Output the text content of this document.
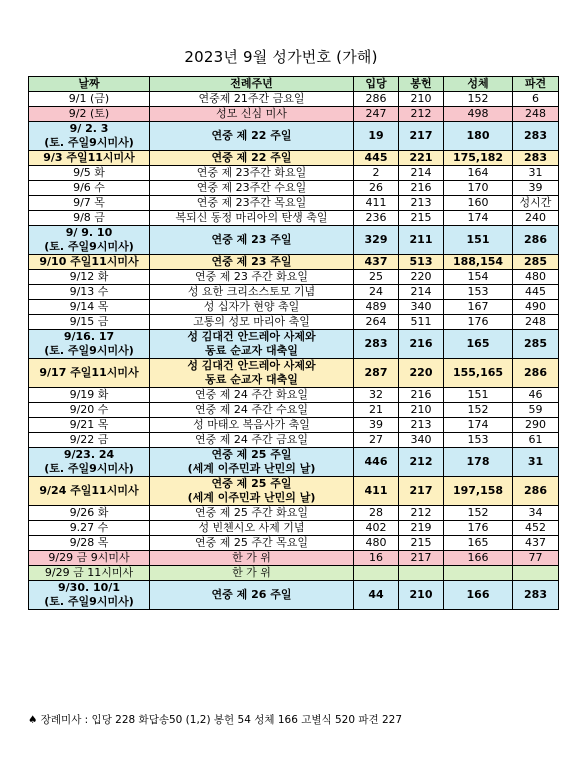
2023년 9월 성가번호 (가해)
날짜	전례주년	입당	봉헌	성체	파견
9/1 (금)	연중제 21주간 금요일	286	210	152	6
9/2 (토)	성모 신심 미사	247	212	498	248
9/ 2. 3
(토. 주일9시미사)	연중 제 22 주일	19	217	180	283
9/3 주일11시미사	연중 제 22 주일	445	221	175,182	283
9/5 화	연중 제 23주간 화요일	2	214	164	31
9/6 수	연중 제 23주간 수요일	26	216	170	39
9/7 목	연중 제 23주간 목요일	411	213	160	성시간
9/8 금	복되신 동정 마리아의 탄생 축일	236	215	174	240
9/ 9. 10
(토. 주일9시미사)	연중 제 23 주일	329	211	151	286
9/10 주일11시미사	연중 제 23 주일	437	513	188,154	285
9/12 화	연중 제 23 주간 화요일	25	220	154	480
9/13 수	성 요한 크리소스토모 기념	24	214	153	445
9/14 목	성 십자가 현양 축일	489	340	167	490
9/15 금	고통의 성모 마리아 축일	264	511	176	248
9/16. 17
(토. 주일9시미사)	성 김대건 안드레아 사제와
동료 순교자 대축일	283	216	165	285
9/17 주일11시미사	성 김대건 안드레아 사제와
동료 순교자 대축일	287	220	155,165	286
9/19 화	연중 제 24 주간 화요일	32	216	151	46
9/20 수	연중 제 24 주간 수요일	21	210	152	59
9/21 목	성 마태오 복음사가 축일	39	213	174	290
9/22 금	연중 제 24 주간 금요일	27	340	153	61
9/23. 24
(토. 주일9시미사)	연중 제 25 주일
(세계 이주민과 난민의 날)	446	212	178	31
9/24 주일11시미사	연중 제 25 주일
(세계 이주민과 난민의 날)	411	217	197,158	286
9/26 화	연중 제 25 주간 화요일	28	212	152	34
9.27 수	성 빈첸시오 사제 기념	402	219	176	452
9/28 목	연중 제 25 주간 목요일	480	215	165	437
9/29 금 9시미사	한 가 위	16	217	166	77
9/29 금 11시미사	한 가 위				
9/30. 10/1
(토. 주일9시미사)	연중 제 26 주일	44	210	166	283
♠ 장례미사 : 입당 228 화답송50 (1,2) 봉헌 54 성체 166 고별식 520 파견 227
